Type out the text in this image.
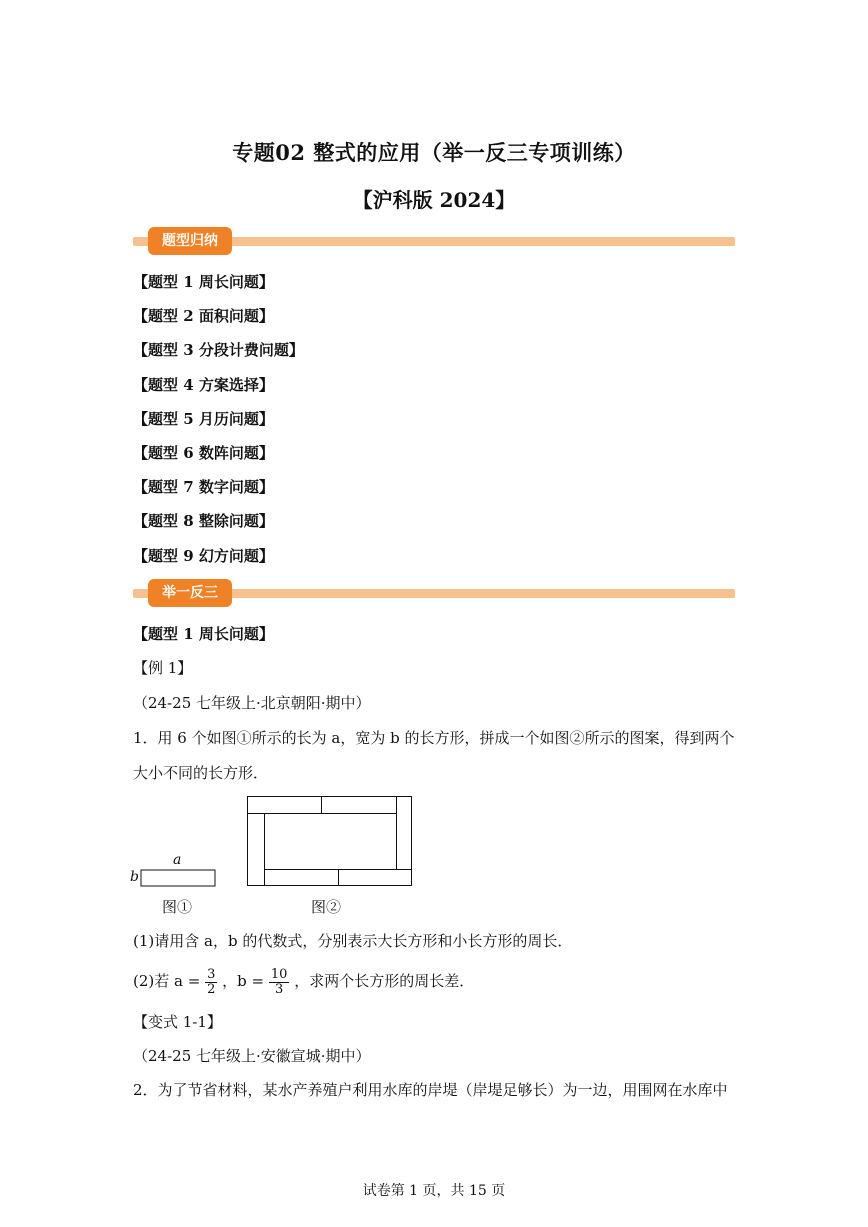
专题02 整式的应用（举一反三专项训练）
【沪科版 2024】
题型归纳
【题型 1 周长问题】
【题型 2 面积问题】
【题型 3 分段计费问题】
【题型 4 方案选择】
【题型 5 月历问题】
【题型 6 数阵问题】
【题型 7 数字问题】
【题型 8 整除问题】
【题型 9 幻方问题】
举一反三
【题型 1 周长问题】
【例 1】
（24-25 七年级上·北京朝阳·期中）
1．用 6 个如图①所示的长为 a，宽为 b 的长方形，拼成一个如图②所示的图案，得到两个
大小不同的长方形．
a
b
图①	图②
(1)请用含 a，b 的代数式，分别表示大长方形和小长方形的周长．
(2)若 $a = \frac{3}{2}$ ，$b = \frac{10}{3}$ ，求两个长方形的周长差．
【变式 1-1】
（24-25 七年级上·安徽宣城·期中）
2．为了节省材料，某水产养殖户利用水库的岸堤（岸堤足够长）为一边，用围网在水库中
试卷第 1 页，共 15 页
